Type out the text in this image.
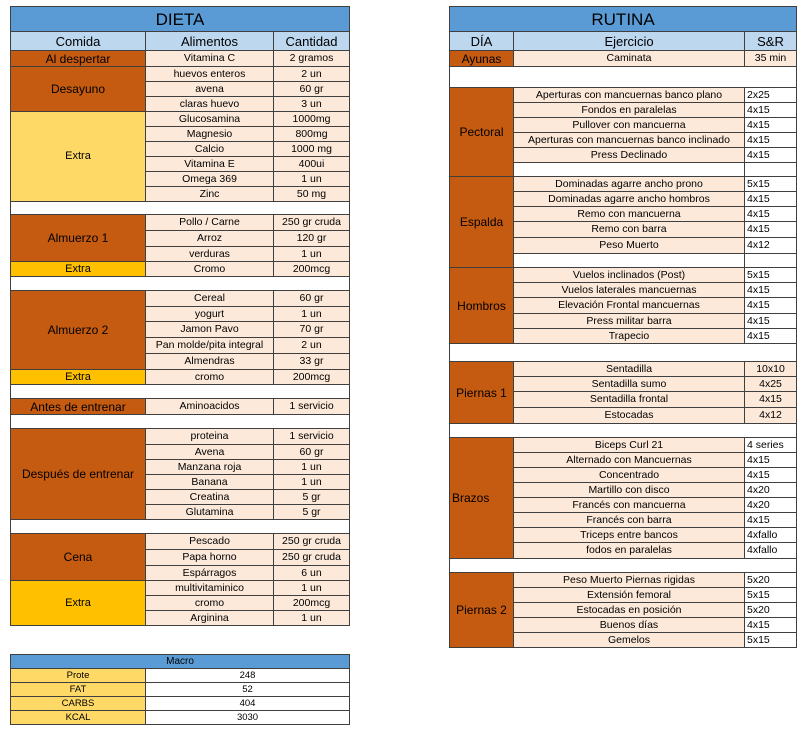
DIETA		
Comida	Alimentos	Cantidad
Al despertar	Vitamina C	2 gramos
Desayuno	huevos enteros	2 un
	avena	60 gr
	claras huevo	3 un
Extra	Glucosamina	1000mg
	Magnesio	800mg
	Calcio	1000 mg
	Vitamina E	400ui
	Omega 369	1 un
	Zinc	50 mg

Almuerzo 1	Pollo / Carne	250 gr cruda
	Arroz	120 gr
	verduras	1 un
Extra	Cromo	200mcg

Almuerzo 2	Cereal	60 gr
	yogurt	1 un
	Jamon Pavo	70 gr
	Pan molde/pita integral	2 un
	Almendras	33 gr
Extra	cromo	200mcg

Antes de entrenar	Aminoacidos	1 servicio

Después de entrenar	proteina	1 servicio
	Avena	60 gr
	Manzana roja	1 un
	Banana	1 un
	Creatina	5 gr
	Glutamina	5 gr

Cena	Pescado	250 gr cruda
	Papa horno	250 gr cruda
	Espárragos	6 un
Extra	multivitaminico	1 un
	cromo	200mcg
	Arginina	1 un
RUTINA		
DÍA	Ejercicio	S&R
Ayunas	Caminata	35 min

Pectoral	Aperturas con mancuernas banco plano	2x25
	Fondos en paralelas	4x15
	Pullover con mancuerna	4x15
	Aperturas con mancuernas banco inclinado	4x15
	Press Declinado	4x15

Espalda	Dominadas agarre ancho prono	5x15
	Dominadas agarre ancho hombros	4x15
	Remo con mancuerna	4x15
	Remo con barra	4x15
	Peso Muerto	4x12

Hombros	Vuelos inclinados (Post)	5x15
	Vuelos laterales mancuernas	4x15
	Elevación Frontal mancuernas	4x15
	Press militar barra	4x15
	Trapecio	4x15

Piernas 1	Sentadilla	10x10
	Sentadilla sumo	4x25
	Sentadilla frontal	4x15
	Estocadas	4x12

Brazos	Biceps Curl 21	4 series
	Alternado con Mancuernas	4x15
	Concentrado	4x15
	Martillo con disco	4x20
	Francés con mancuerna	4x20
	Francés con barra	4x15
	Triceps entre bancos	4xfallo
	fodos en paralelas	4xfallo

Piernas 2	Peso Muerto Piernas rigidas	5x20
	Extensión femoral	5x15
	Estocadas en posición	5x20
	Buenos días	4x15
	Gemelos	5x15
Macro	
Prote	248
FAT	52
CARBS	404
KCAL	3030
